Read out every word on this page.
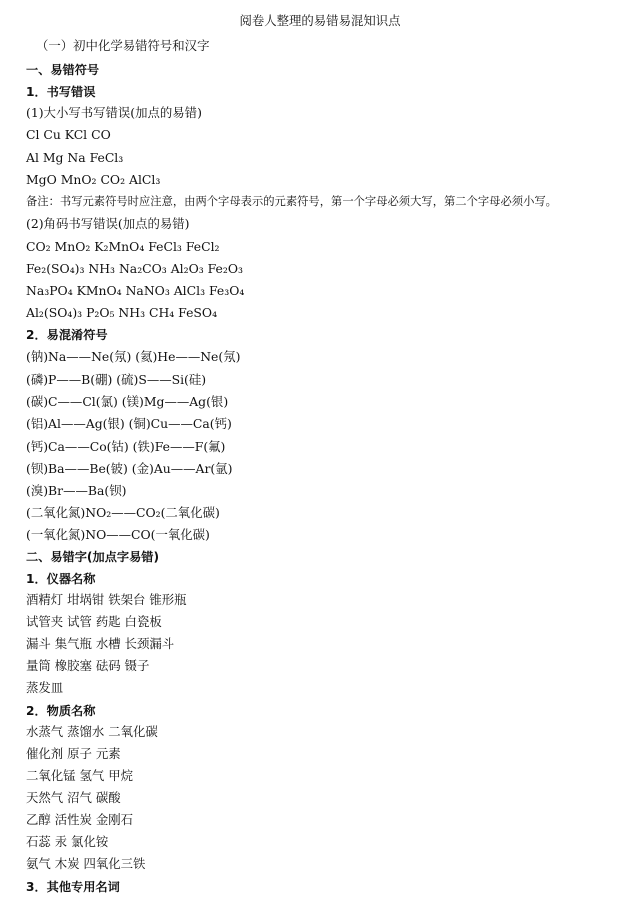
阅卷人整理的易错易混知识点
（一）初中化学易错符号和汉字
一、易错符号
1．书写错误
(1)大小写书写错误(加点的易错)
Cl Cu KCl CO
Al Mg Na FeCl₃
MgO MnO₂ CO₂ AlCl₃
备注：书写元素符号时应注意，由两个字母表示的元素符号，第一个字母必须大写，第二个字母必须小写。
(2)角码书写错误(加点的易错)
CO₂ MnO₂ K₂MnO₄ FeCl₃ FeCl₂
Fe₂(SO₄)₃ NH₃ Na₂CO₃ Al₂O₃ Fe₂O₃
Na₃PO₄ KMnO₄ NaNO₃ AlCl₃ Fe₃O₄
Al₂(SO₄)₃ P₂O₅ NH₃ CH₄ FeSO₄
2．易混淆符号
(钠)Na——Ne(氖) (氦)He——Ne(氖)
(磷)P——B(硼) (硫)S——Si(硅)
(碳)C——Cl(氯) (镁)Mg——Ag(银)
(铝)Al——Ag(银) (铜)Cu——Ca(钙)
(钙)Ca——Co(钴) (铁)Fe——F(氟)
(钡)Ba——Be(铍) (金)Au——Ar(氩)
(溴)Br——Ba(钡)
(二氧化氮)NO₂——CO₂(二氧化碳)
(一氧化氮)NO——CO(一氧化碳)
二、易错字(加点字易错)
1．仪器名称
酒精灯 坩埚钳 铁架台 锥形瓶
试管夹 试管 药匙 白瓷板
漏斗 集气瓶 水槽 长颈漏斗
量筒 橡胶塞 砝码 镊子
蒸发皿
2．物质名称
水蒸气 蒸馏水 二氧化碳
催化剂 原子 元素
二氧化锰 氢气 甲烷
天然气 沼气 碳酸
乙醇 活性炭 金刚石
石蕊 汞 氯化铵
氨气 木炭 四氧化三铁
3．其他专用名词
